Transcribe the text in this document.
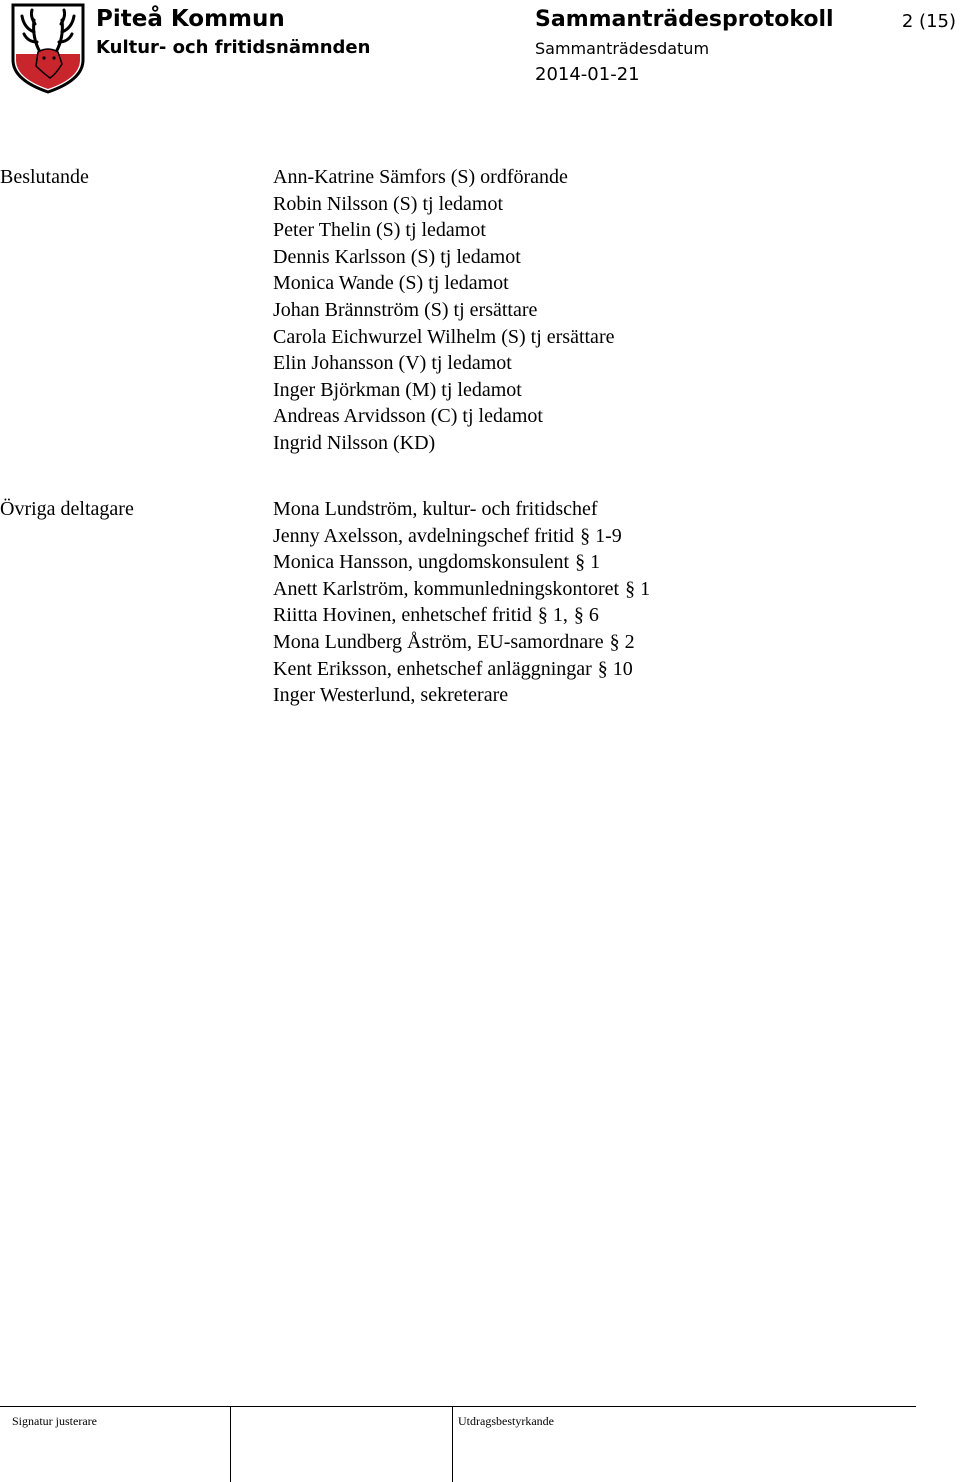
Piteå Kommun
Kultur- och fritidsnämnden
Sammanträdesprotokoll
Sammanträdesdatum
2014-01-21
2 (15)
Beslutande	Ann-Katrine Sämfors (S) ordförande
Robin Nilsson (S) tj ledamot
Peter Thelin (S) tj ledamot
Dennis Karlsson (S) tj ledamot
Monica Wande (S) tj ledamot
Johan Brännström (S) tj ersättare
Carola Eichwurzel Wilhelm (S) tj ersättare
Elin Johansson (V) tj ledamot
Inger Björkman (M) tj ledamot
Andreas Arvidsson (C) tj ledamot
Ingrid Nilsson (KD)
Övriga deltagare	Mona Lundström, kultur- och fritidschef
Jenny Axelsson, avdelningschef fritid § 1-9
Monica Hansson, ungdomskonsulent § 1
Anett Karlström, kommunledningskontoret § 1
Riitta Hovinen, enhetschef fritid § 1, § 6
Mona Lundberg Åström, EU-samordnare § 2
Kent Eriksson, enhetschef anläggningar § 10
Inger Westerlund, sekreterare
Signatur justerare	Utdragsbestyrkande
